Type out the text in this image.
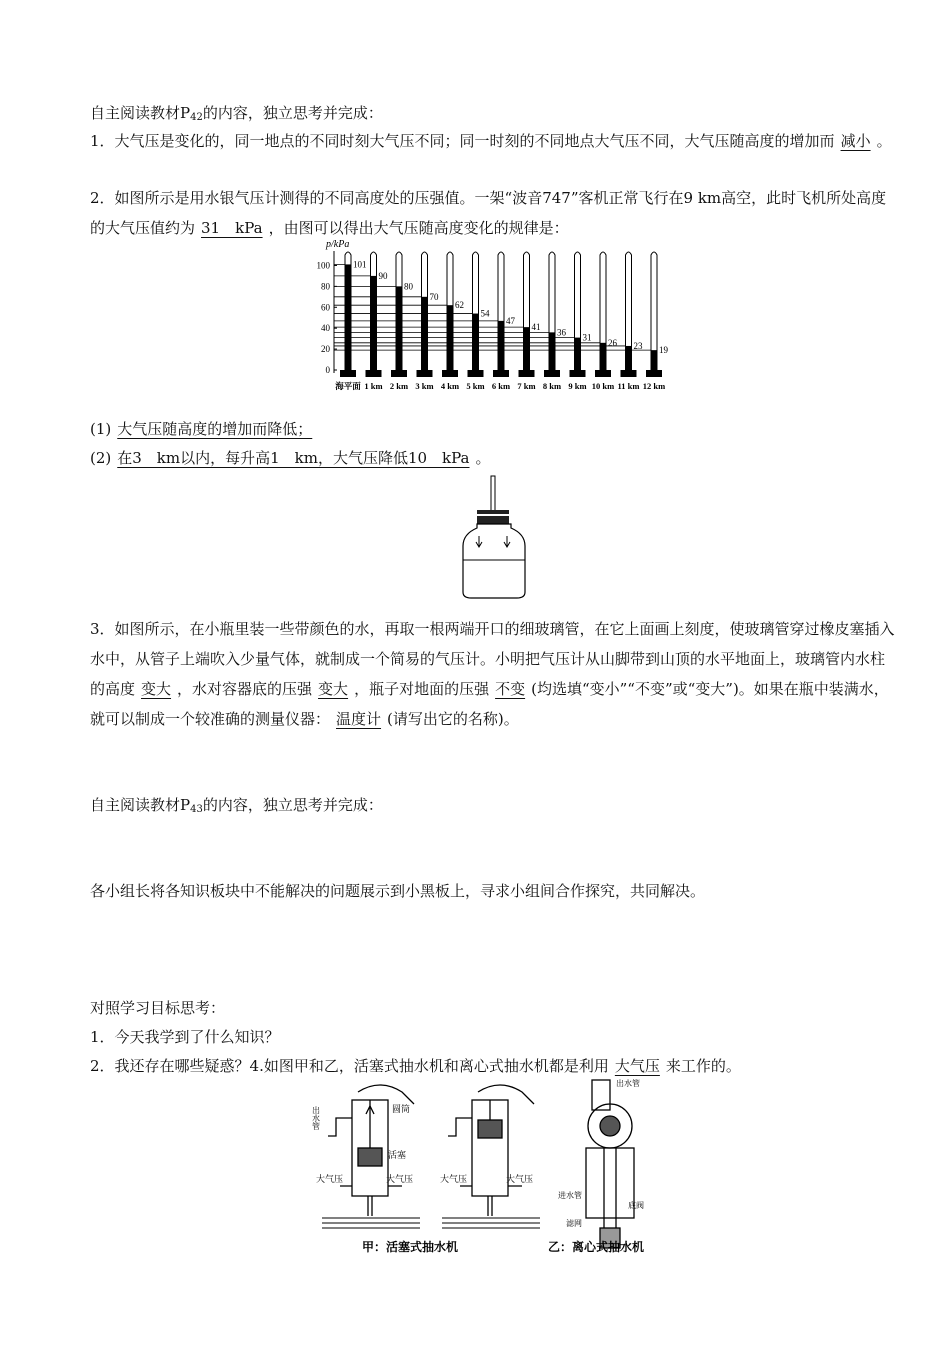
自主阅读教材$P_{42}$的内容，独立思考并完成：

1．大气压是变化的，同一地点的不同时刻大气压不同；同一时刻的不同地点大气压不同，大气压随高度的增加而 减小 。

2．如图所示是用水银气压计测得的不同高度处的压强值。一架“波音747”客机正常飞行在9 km高空，此时飞机所处高度的大气压值约为 31　kPa ，由图可以得出大气压随高度变化的规律是：

p/kPa
100
80
60
40
20
0
101
90
80
70
62
54
47
41
36
31
26 23 19
海平面 1 km 2 km 3 km 4 km 5 km 6 km 7 km 8 km 9 km 10 km 11 km 12 km

(1) 大气压随高度的增加而降低；

(2) 在3　km以内，每升高1　km，大气压降低10　kPa 。

3．如图所示，在小瓶里装一些带颜色的水，再取一根两端开口的细玻璃管，在它上面画上刻度，使玻璃管穿过橡皮塞插入水中，从管子上端吹入少量气体，就制成一个简易的气压计。小明把气压计从山脚带到山顶的水平地面上，玻璃管内水柱的高度 变大 ，水对容器底的压强 变大 ，瓶子对地面的压强 不变 (均选填“变小”“不变”或“变大”)。如果在瓶中装满水，就可以制成一个较准确的测量仪器： 温度计 (请写出它的名称)。

自主阅读教材$P_{43}$的内容，独立思考并完成：

各小组长将各知识板块中不能解决的问题展示到小黑板上，寻求小组间合作探究，共同解决。

对照学习目标思考：

1．今天我学到了什么知识？

2．我还存在哪些疑惑？4.如图甲和乙，活塞式抽水机和离心式抽水机都是利用 大气压 来工作的。

出水管	圆筒
活塞
大气压	大气压	大气压	大气压
出水管
进水管
底阀
滤网
甲：活塞式抽水机	乙：离心式抽水机
